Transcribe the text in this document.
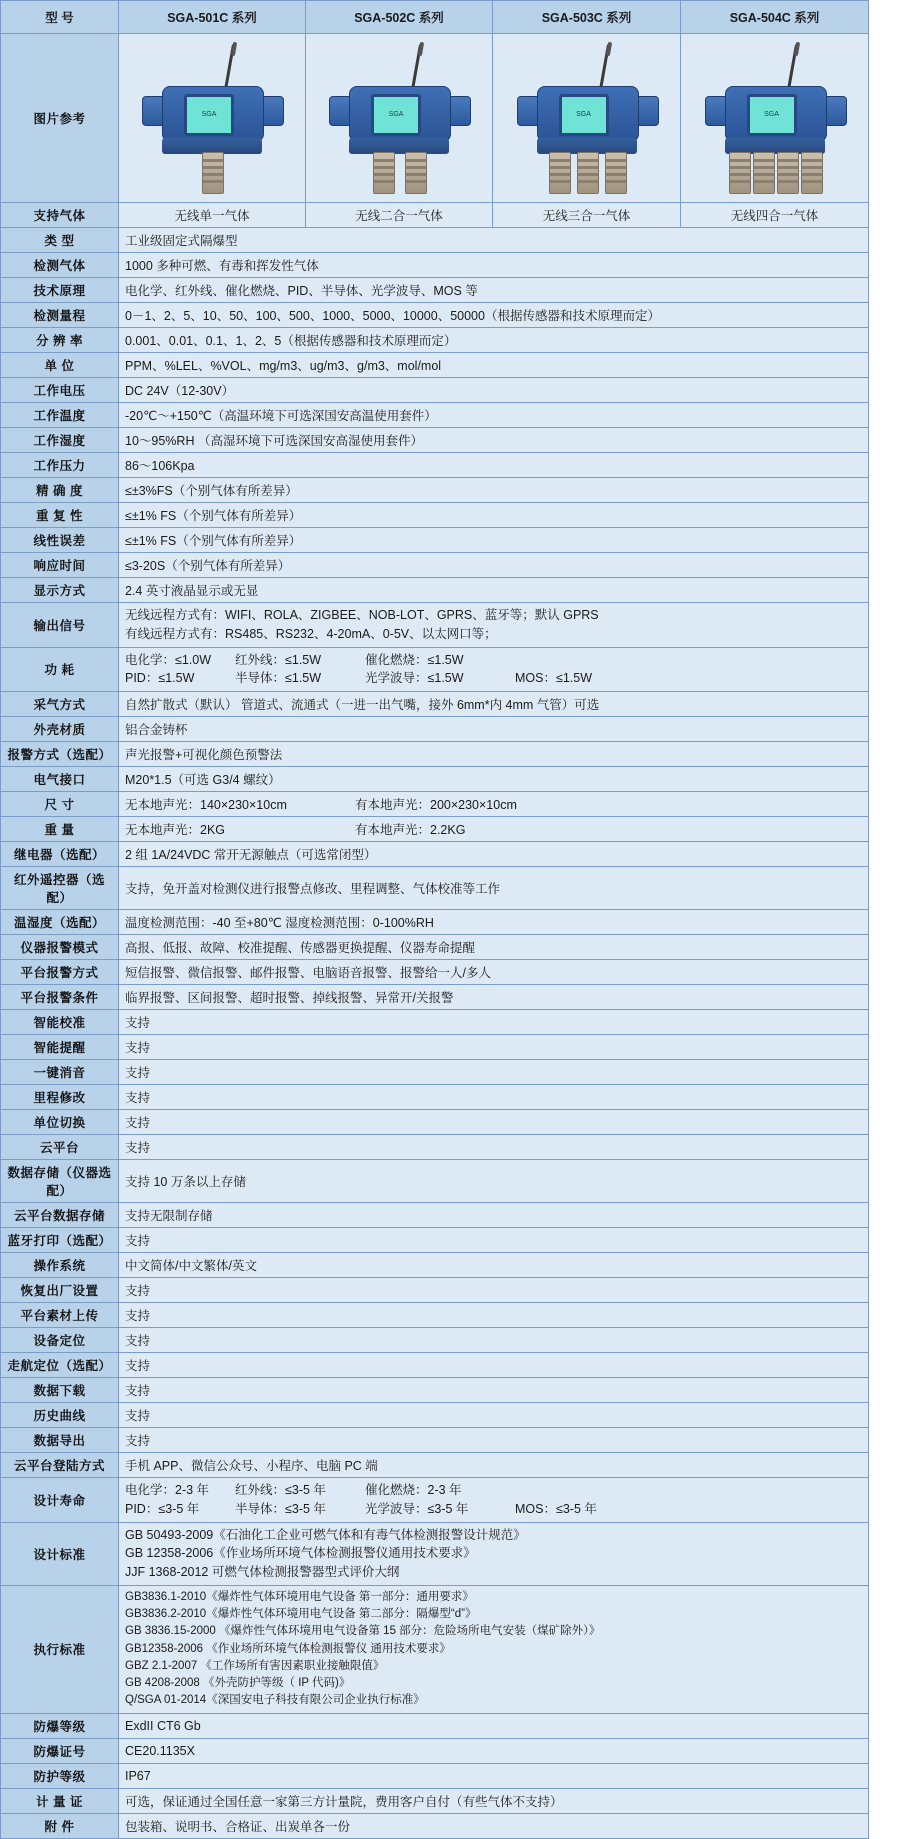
型 号	SGA-501C 系列	SGA-502C 系列	SGA-503C 系列	SGA-504C 系列
图片参考	SGA	SGA	SGA	SGA

支持气体	无线单一气体	无线二合一气体	无线三合一气体	无线四合一气体
类 型	工业级固定式隔爆型			
检测气体	1000 多种可燃、有毒和挥发性气体			
技术原理	电化学、红外线、催化燃烧、PID、半导体、光学波导、MOS 等			
检测量程	0－1、2、5、10、50、100、500、1000、5000、10000、50000（根据传感器和技术原理而定）			
分 辨 率	0.001、0.01、0.1、1、2、5（根据传感器和技术原理而定）			
单 位	PPM、%LEL、%VOL、mg/m3、ug/m3、g/m3、mol/mol			
工作电压	DC 24V（12-30V）			
工作温度	-20℃～+150℃（高温环境下可选深国安高温使用套件）			
工作湿度	10～95%RH （高湿环境下可选深国安高湿使用套件）			
工作压力	86～106Kpa			
精 确 度	≤±3%FS（个别气体有所差异）			
重 复 性	≤±1% FS（个别气体有所差异）			
线性误差	≤±1% FS（个别气体有所差异）			
响应时间	≤3-20S（个别气体有所差异）			
显示方式	2.4 英寸液晶显示或无显			
输出信号	无线远程方式有：WIFI、ROLA、ZIGBEE、NOB-LOT、GPRS、蓝牙等；默认 GPRS
有线远程方式有：RS485、RS232、4-20mA、0-5V、以太网口等；			

功 耗	
电化学：≤1.0W	红外线：≤1.5W	催化燃烧：≤1.5W
PID：≤1.5W	半导体：≤1.5W	光学波导：≤1.5W	MOS：≤1.5W

采气方式	自然扩散式（默认） 管道式、流通式（一进一出气嘴，接外 6mm*内 4mm 气管）可选			
外壳材质	铝合金铸杯			
报警方式（选配）	声光报警+可视化颜色预警法			
电气接口	M20*1.5（可选 G3/4 螺纹）			
尺 寸	无本地声光：140×230×10cm 有本地声光：200×230×10cm			

重 量	无本地声光：2KG 有本地声光：2.2KG			

继电器（选配）	2 组 1A/24VDC 常开无源触点（可选常闭型）			
红外遥控器（选配）	支持，免开盖对检测仪进行报警点修改、里程调整、气体校准等工作			
温湿度（选配）	温度检测范围：-40 至+80℃ 湿度检测范围：0-100%RH			
仪器报警模式	高报、低报、故障、校准提醒、传感器更换提醒、仪器寿命提醒			
平台报警方式	短信报警、微信报警、邮件报警、电脑语音报警、报警给一人/多人			
平台报警条件	临界报警、区间报警、超时报警、掉线报警、异常开/关报警			
智能校准	支持			
智能提醒	支持			
一键消音	支持			
里程修改	支持			
单位切换	支持			
云平台	支持			
数据存储（仪器选配）	支持 10 万条以上存储			
云平台数据存储	支持无限制存储			
蓝牙打印（选配）	支持			
操作系统	中文简体/中文繁体/英文			
恢复出厂设置	支持			
平台素材上传	支持			
设备定位	支持			
走航定位（选配）	支持			
数据下载	支持			
历史曲线	支持			
数据导出	支持			
云平台登陆方式	手机 APP、微信公众号、小程序、电脑 PC 端			
设计寿命	
电化学：2-3 年	红外线：≤3-5 年	催化燃烧：2-3 年
PID：≤3-5 年	半导体：≤3-5 年	光学波导：≤3-5 年	MOS：≤3-5 年

设计标准	GB 50493-2009《石油化工企业可燃气体和有毒气体检测报警设计规范》
GB 12358-2006《作业场所环境气体检测报警仪通用技术要求》
JJF 1368-2012 可燃气体检测报警器型式评价大纲			

执行标准	
GB3836.1-2010《爆炸性气体环境用电气设备 第一部分：通用要求》
GB3836.2-2010《爆炸性气体环境用电气设备 第二部分：隔爆型“d”》
GB 3836.15-2000 《爆炸性气体环境用电气设备第 15 部分：危险场所电气安装（煤矿除外）》
GB12358-2006 《作业场所环境气体检测报警仪 通用技术要求》
GBZ 2.1-2007 《工作场所有害因素职业接触限值》
GB 4208-2008 《外壳防护等级（ IP 代码)》
Q/SGA 01-2014《深国安电子科技有限公司企业执行标准》

防爆等级	ExdII CT6 Gb			
防爆证号	CE20.1135X			
防护等级	IP67			
计 量 证	可选，保证通过全国任意一家第三方计量院，费用客户自付（有些气体不支持）			
附 件	包装箱、说明书、合格证、出炭单各一份			
